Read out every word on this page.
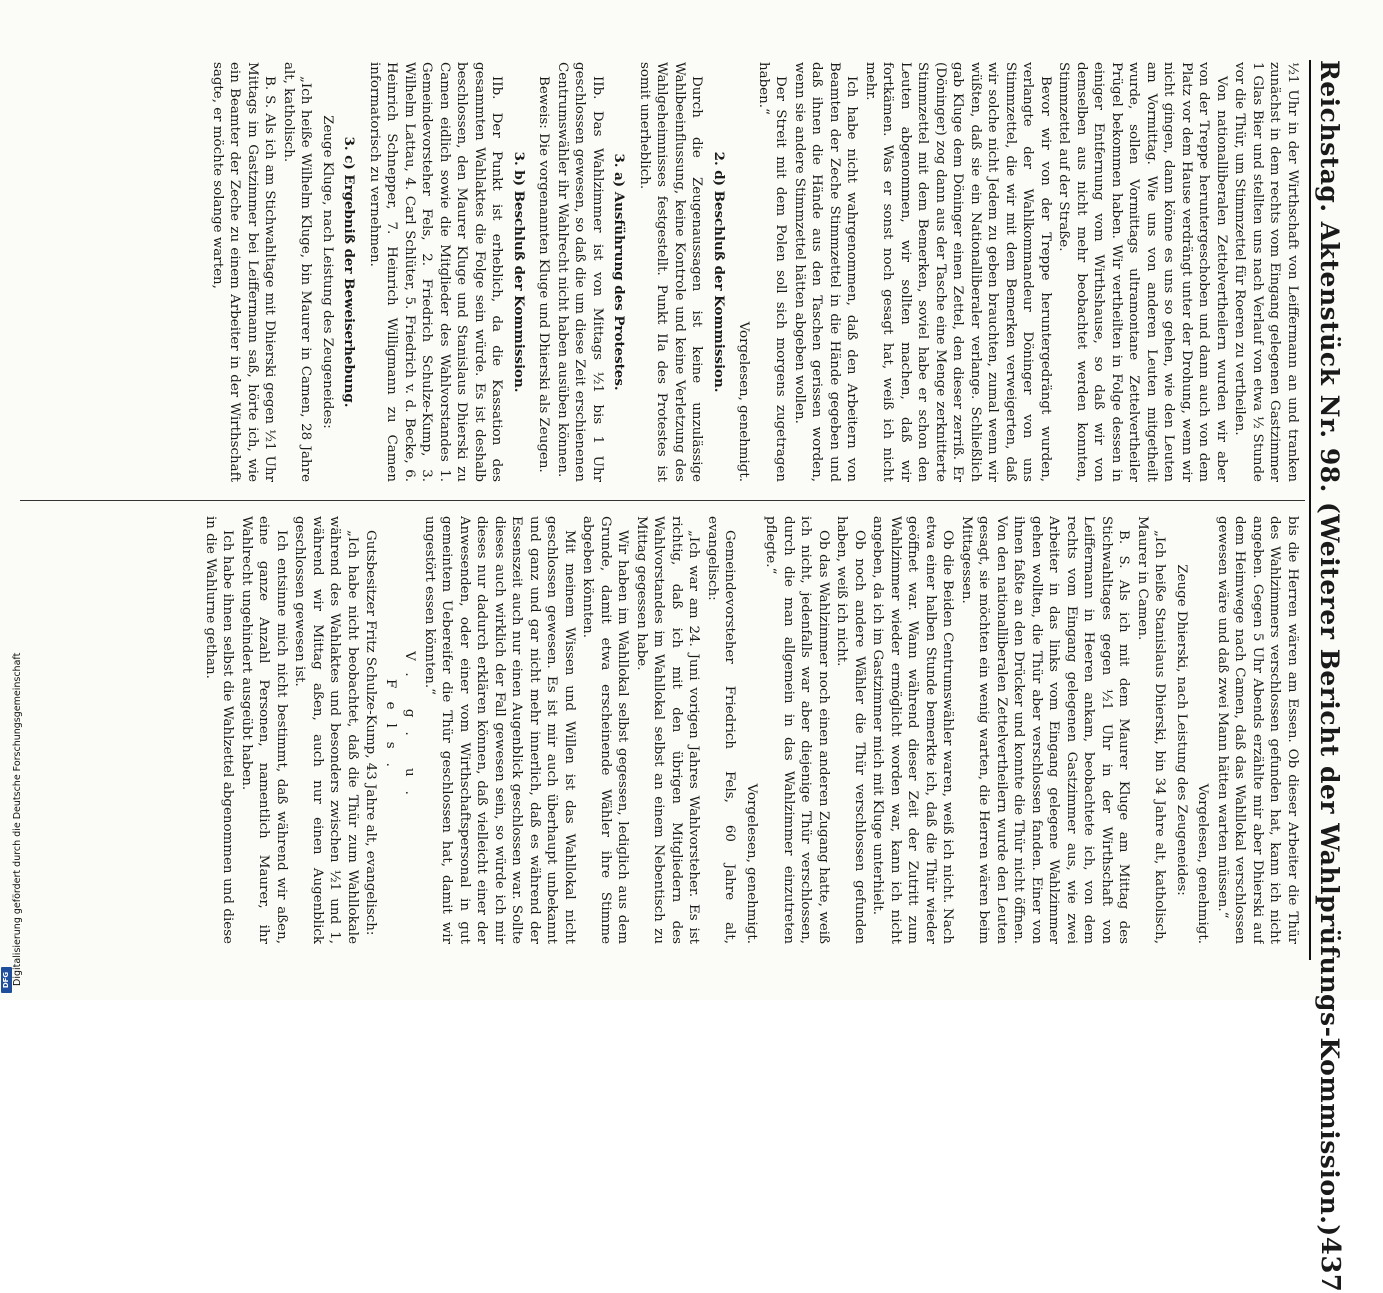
Reichstag. Aktenstück Nr. 98. (Weiterer Bericht der Wahlprüfungs-Kommission.)
437

½1 Uhr in der Wirthschaft von Leiffermann an und tranken zunächst in dem rechts vom Eingang gelegenen Gastzimmer 1 Glas Bier und stellten uns nach Verlauf von etwa ½ Stunde vor die Thür, um Stimmzettel für Roeren zu vertheilen.

Von nationalliberalen Zettelvertheilern wurden wir aber von der Treppe heruntergeschoben und dann auch von dem Platz vor dem Hause verdrängt unter der Drohung, wenn wir nicht gingen, dann könne es uns so gehen, wie den Leuten am Vormittag. Wie uns von anderen Leuten mitgetheilt wurde, sollen Vormittags ultramontane Zettelvertheiler Prügel bekommen haben. Wir vertheilten in Folge dessen in einiger Entfernung vom Wirthshause, so daß wir von demselben aus nicht mehr beobachtet werden konnten, Stimmzettel auf der Straße.

Bevor wir von der Treppe heruntergedrängt wurden, verlangte der Wahlkommandeur Döninger von uns Stimmzettel, die wir mit dem Bemerken verweigerten, daß wir solche nicht Jedem zu geben brauchten, zumal wenn wir wüßten, daß sie ein Nationalliberaler verlange. Schließlich gab Kluge dem Döninger einen Zettel, den dieser zerriß. Er (Döninger) zog dann aus der Tasche eine Menge zerknitterte Stimmzettel mit dem Bemerken, soviel habe er schon den Leuten abgenommen, wir sollten machen, daß wir fortkämen. Was er sonst noch gesagt hat, weiß ich nicht mehr.

Ich habe nicht wahrgenommen, daß den Arbeitern von Beamten der Zeche Stimmzettel in die Hände gegeben und daß ihnen die Hände aus den Taschen gerissen worden, wenn sie andere Stimmzettel hätten abgeben wollen.

Der Streit mit dem Polen soll sich morgens zugetragen haben.“

Vorgelesen, genehmigt.
2. d) Beschluß der Kommission.

Durch die Zeugenaussagen ist keine unzulässige Wahlbeeinflussung, keine Kontrole und keine Verletzung des Wahlgeheimnisses festgestellt. Punkt IIa des Protestes ist somit unerheblich.

3. a) Ausführung des Protestes.

IIb. Das Wahlzimmer ist von Mittags ½1 bis 1 Uhr geschlossen gewesen, so daß die um diese Zeit erschienenen Centrumswähler ihr Wahlrecht nicht haben ausüben können.

Beweis: Die vorgenannten Kluge und Dhierski als Zeugen.

3. b) Beschluß der Kommission.

IIb. Der Punkt ist erheblich, da die Kassation des gesammten Wahlaktes die Folge sein würde. Es ist deshalb beschlossen, den Maurer Kluge und Stanislaus Dhierski zu Camen eidlich sowie die Mitglieder des Wahlvorstandes 1. Gemeindevorsteher Fels, 2. Friedrich Schulze-Kump, 3. Wilhelm Lattau, 4. Carl Schlüter, 5. Friedrich v. d. Becke, 6. Heinrich Schnepper, 7. Heinrich Willigmann zu Camen informatorisch zu vernehmen.

3. c) Ergebniß der Beweiserhebung.

Zeuge Kluge, nach Leistung des Zeugeneides:

„Ich heiße Wilhelm Kluge, bin Maurer in Camen, 28 Jahre alt, katholisch.

B. S. Als ich am Stichwahltage mit Dhierski gegen ½1 Uhr Mittags im Gastzimmer bei Leiffermann saß, hörte ich, wie ein Beamter der Zeche zu einem Arbeiter in der Wirthschaft sagte, er möchte solange warten,

bis die Herren wären am Essen. Ob dieser Arbeiter die Thür des Wahlzimmers verschlossen gefunden hat, kann ich nicht angeben. Gegen 5 Uhr Abends erzählte mir aber Dhierski auf dem Heimwege nach Camen, daß das Wahllokal verschlossen gewesen wäre und daß zwei Mann hätten warten müssen.“

Vorgelesen, genehmigt.

Zeuge Dhierski, nach Leistung des Zeugeneides:

„Ich heiße Stanislaus Dhierski, bin 34 Jahre alt, katholisch, Maurer in Camen.

B. S. Als ich mit dem Maurer Kluge am Mittag des Stichwahltages gegen ½1 Uhr in der Wirthschaft von Leiffermann in Heeren ankam, beobachtete ich, von dem rechts vom Eingang gelegenen Gastzimmer aus, wie zwei Arbeiter in das links vom Eingang gelegene Wahlzimmer gehen wollten, die Thür aber verschlossen fanden. Einer von ihnen faßte an den Drücker und konnte die Thür nicht öffnen. Von den nationalliberalen Zettelvertheilern wurde den Leuten gesagt, sie möchten ein wenig warten, die Herren wären beim Mittagessen.

Ob die Beiden Centrumswähler waren, weiß ich nicht. Nach etwa einer halben Stunde bemerkte ich, daß die Thür wieder geöffnet war. Wann während dieser Zeit der Zutritt zum Wahlzimmer wieder ermöglicht worden war, kann ich nicht angeben, da ich im Gastzimmer mich mit Kluge unterhielt.

Ob noch andere Wähler die Thür verschlossen gefunden haben, weiß ich nicht.

Ob das Wahlzimmer noch einen anderen Zugang hatte, weiß ich nicht, jedenfalls war aber diejenige Thür verschlossen, durch die man allgemein in das Wahlzimmer einzutreten pflegte.“

Vorgelesen, genehmigt.

Gemeindevorsteher Friedrich Fels, 60 Jahre alt, evangelisch:

„Ich war am 24. Juni vorigen Jahres Wahlvorsteher. Es ist richtig, daß ich mit den übrigen Mitgliedern des Wahlvorstandes im Wahllokal selbst an einem Nebentisch zu Mittag gegessen habe.

Wir haben im Wahllokal selbst gegessen, lediglich aus dem Grunde, damit etwa erscheinende Wähler ihre Stimme abgeben könnten.

Mit meinem Wissen und Willen ist das Wahllokal nicht geschlossen gewesen. Es ist mir auch überhaupt unbekannt und ganz und gar nicht mehr innerlich, daß es während der Essenszeit auch nur einen Augenblick geschlossen war. Sollte dieses auch wirklich der Fall gewesen sein, so würde ich mir dieses nur dadurch erklären können, daß vielleicht einer der Anwesenden, oder einer vom Wirthschaftspersonal in gut gemeintem Uebereifer die Thür geschlossen hat, damit wir ungestört essen könnten.“

V. g. u.
Fels.

Gutsbesitzer Fritz Schulze-Kump, 43 Jahre alt, evangelisch:

„Ich habe nicht beobachtet, daß die Thür zum Wahllokale während des Wahlaktes und besonders zwischen ½1 und 1, während wir Mittag aßen, auch nur einen Augenblick geschlossen gewesen ist.

Ich entsinne mich nicht bestimmt, daß während wir aßen, eine ganze Anzahl Personen, namentlich Maurer, ihr Wahlrecht ungehindert ausgeübt haben.

Ich habe ihnen selbst die Wahlzettel abgenommen und diese in die Wahlurne gethan.

Digitalisierung gefördert durch die Deutsche Forschungsgemeinschaft
DFG
